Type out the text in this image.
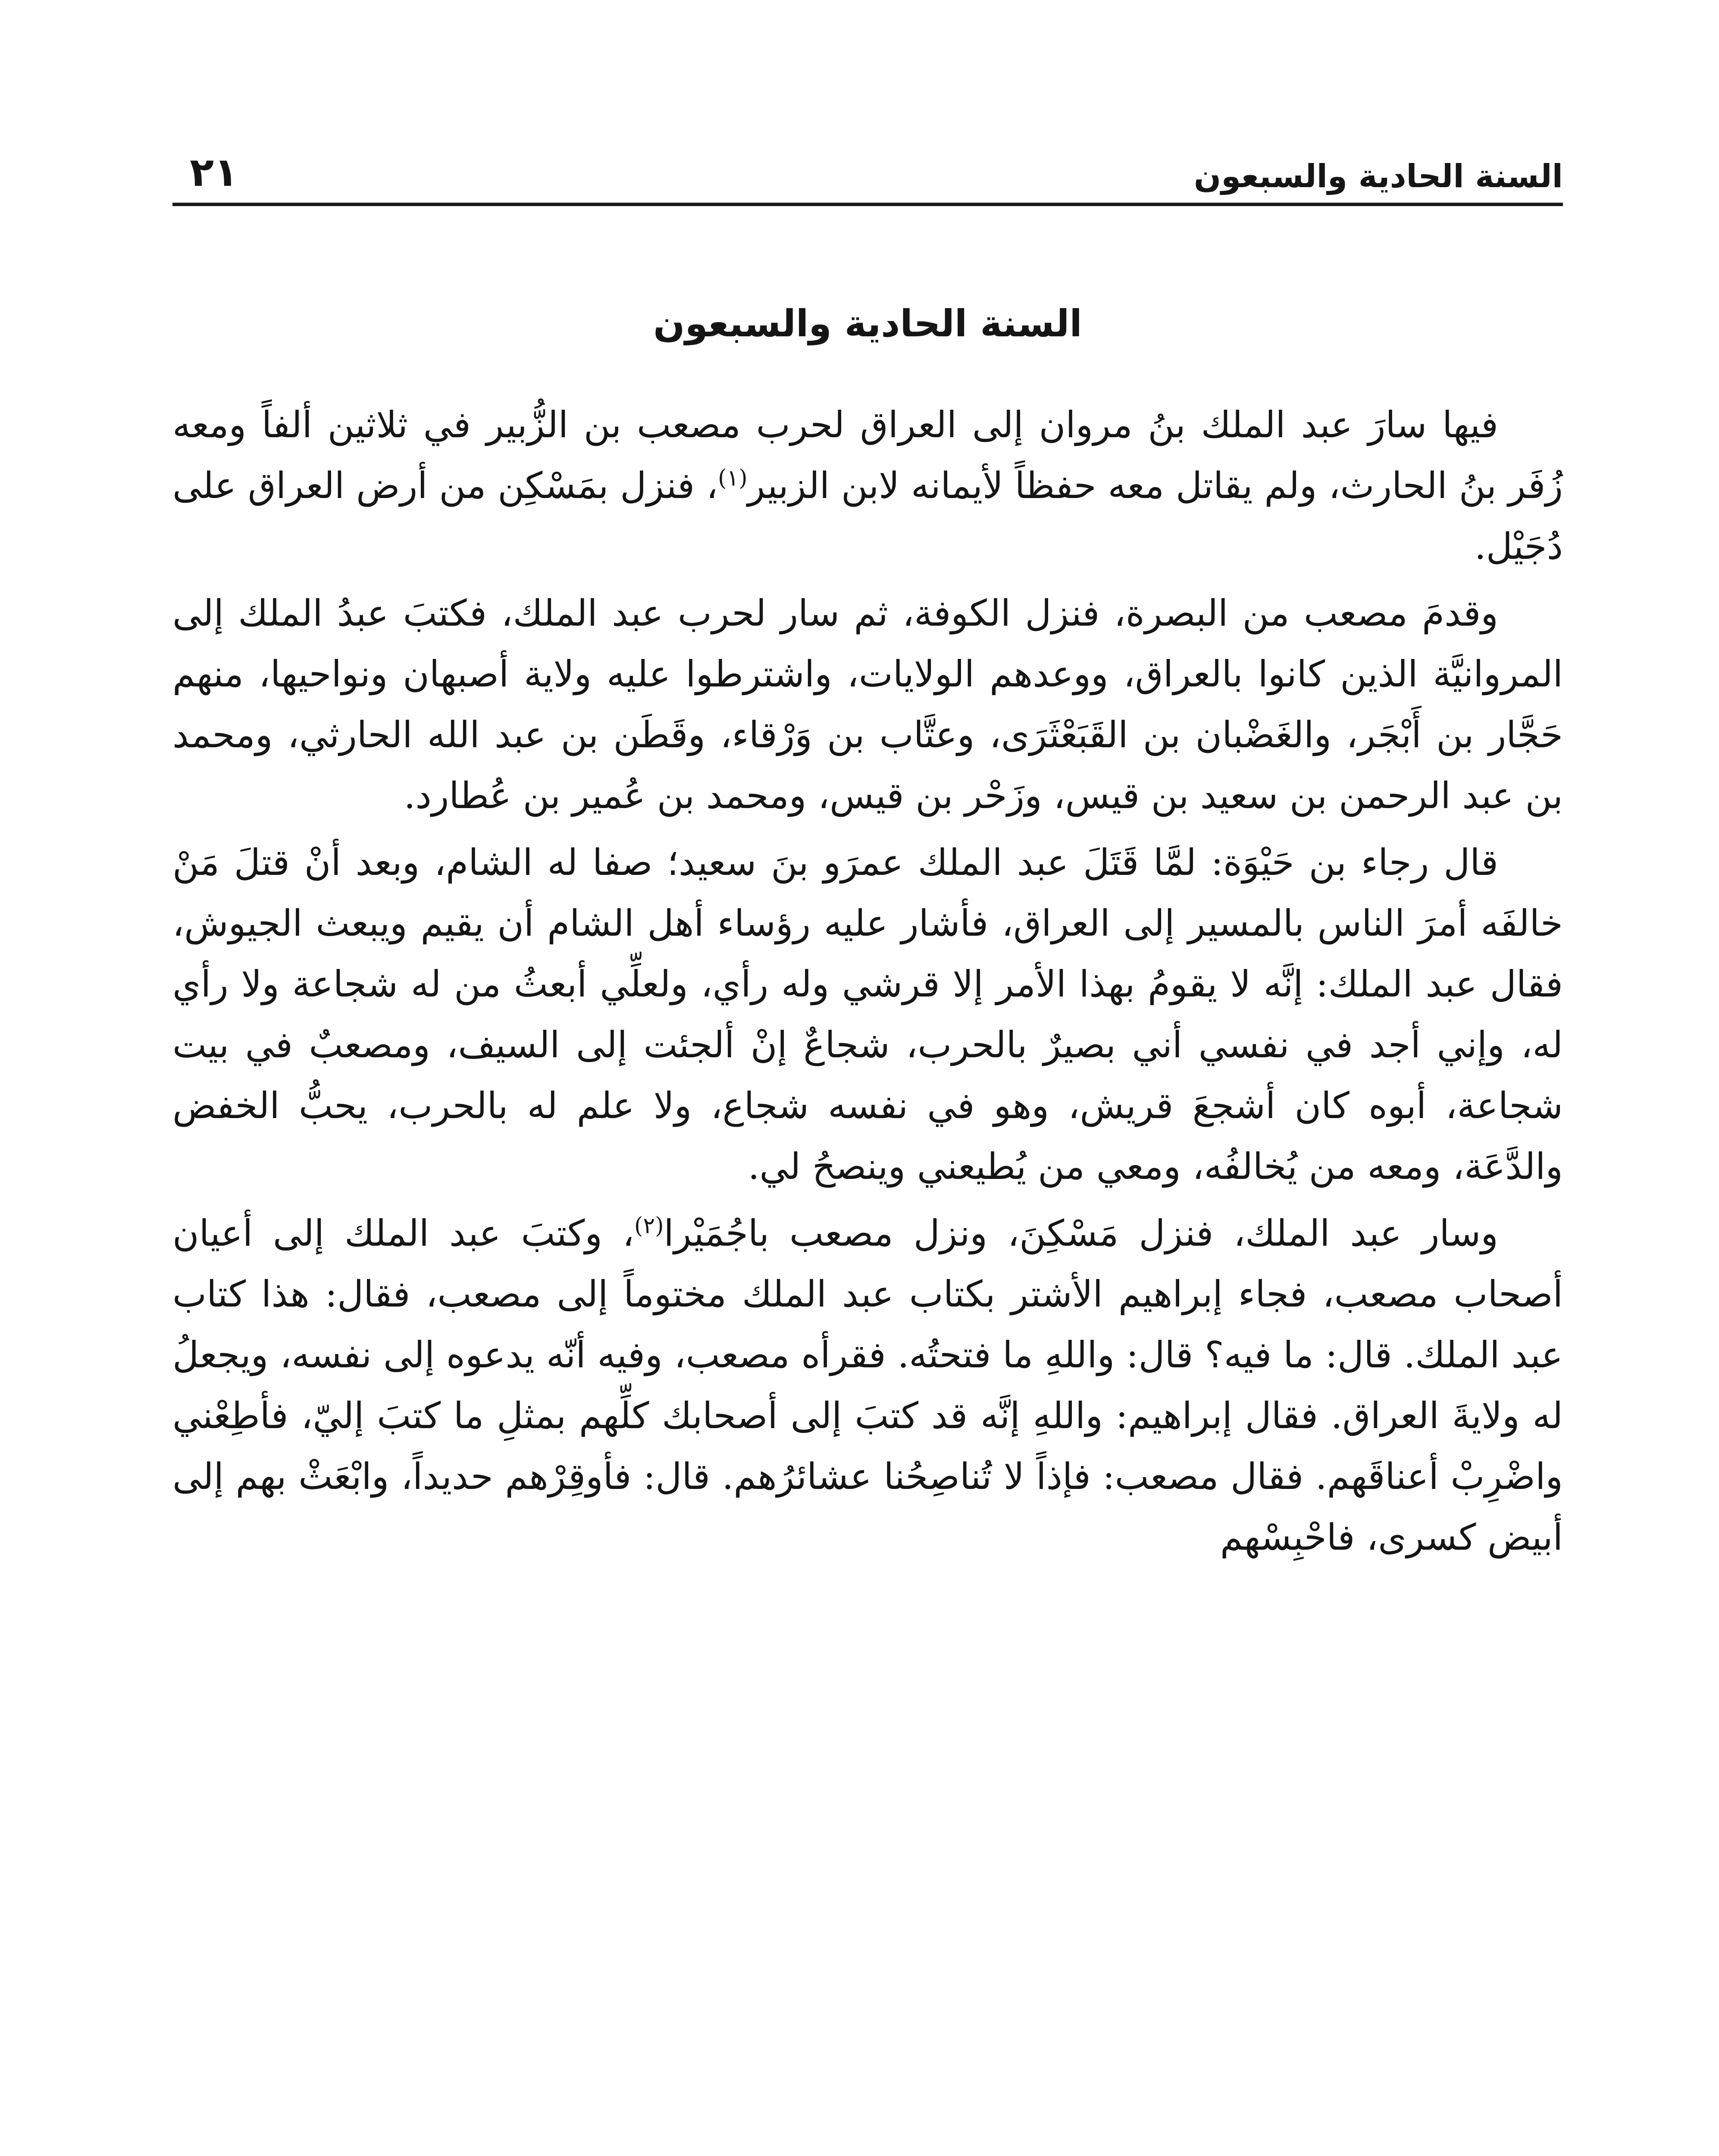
السنة الحادية والسبعون
٢١
السنة الحادية والسبعون

فيها سارَ عبد الملك بنُ مروان إلى العراق لحرب مصعب بن الزُّبير في ثلاثين ألفاً ومعه زُفَر بنُ الحارث، ولم يقاتل معه حفظاً لأيمانه لابن الزبير$^{(١)}$، فنزل بمَسْكِن من أرض العراق على دُجَيْل.

وقدمَ مصعب من البصرة، فنزل الكوفة، ثم سار لحرب عبد الملك، فكتبَ عبدُ الملك إلى المروانيَّة الذين كانوا بالعراق، ووعدهم الولايات، واشترطوا عليه ولاية أصبهان ونواحيها، منهم حَجَّار بن أَبْجَر، والغَضْبان بن القَبَعْثَرَى، وعتَّاب بن وَرْقاء، وقَطَن بن عبد الله الحارثي، ومحمد بن عبد الرحمن بن سعيد بن قيس، وزَحْر بن قيس، ومحمد بن عُمير بن عُطارد.

قال رجاء بن حَيْوَة: لمَّا قَتَلَ عبد الملك عمرَو بنَ سعيد؛ صفا له الشام، وبعد أنْ قتلَ مَنْ خالفَه أمرَ الناس بالمسير إلى العراق، فأشار عليه رؤساء أهل الشام أن يقيم ويبعث الجيوش، فقال عبد الملك: إنَّه لا يقومُ بهذا الأمر إلا قرشي وله رأي، ولعلِّي أبعثُ من له شجاعة ولا رأي له، وإني أجد في نفسي أني بصيرٌ بالحرب، شجاعٌ إنْ ألجئت إلى السيف، ومصعبٌ في بيت شجاعة، أبوه كان أشجعَ قريش، وهو في نفسه شجاع، ولا علم له بالحرب، يحبُّ الخفض والدَّعَة، ومعه من يُخالفُه، ومعي من يُطيعني وينصحُ لي.

وسار عبد الملك، فنزل مَسْكِنَ، ونزل مصعب باجُمَيْرا$^{(٢)}$، وكتبَ عبد الملك إلى أعيان أصحاب مصعب، فجاء إبراهيم الأشتر بكتاب عبد الملك مختوماً إلى مصعب، فقال: هذا كتاب عبد الملك. قال: ما فيه؟ قال: واللهِ ما فتحتُه. فقرأه مصعب، وفيه أنّه يدعوه إلى نفسه، ويجعلُ له ولايةَ العراق. فقال إبراهيم: واللهِ إنَّه قد كتبَ إلى أصحابك كلِّهم بمثلِ ما كتبَ إليّ، فأطِعْني واضْرِبْ أعناقَهم. فقال مصعب: فإذاً لا تُناصِحُنا عشائرُهم. قال: فأوقِرْهم حديداً، وابْعَثْ بهم إلى أبيض كسرى، فاحْبِسْهم
